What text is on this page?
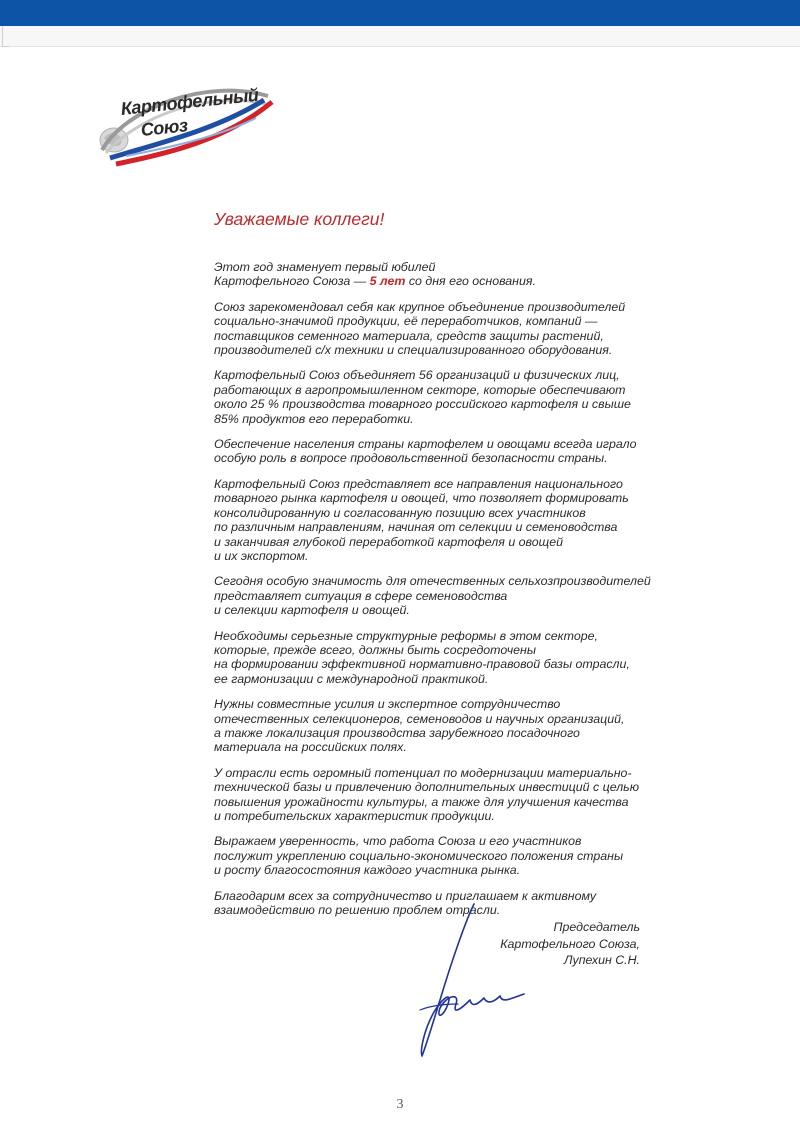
Картофельный
Союз
Уважаемые коллеги!
Этот год знаменует первый юбилей
Картофельного Союза — 5 лет со дня его основания.
Союз зарекомендовал себя как крупное объединение производителей
социально-значимой продукции, её переработчиков, компаний —
поставщиков семенного материала, средств защиты растений,
производителей с/х техники и специализированного оборудования.
Картофельный Союз объединяет 56 организаций и физических лиц,
работающих в агропромышленном секторе, которые обеспечивают
около 25 % производства товарного российского картофеля и свыше
85% продуктов его переработки.
Обеспечение населения страны картофелем и овощами всегда играло
особую роль в вопросе продовольственной безопасности страны.
Картофельный Союз представляет все направления национального
товарного рынка картофеля и овощей, что позволяет формировать
консолидированную и согласованную позицию всех участников
по различным направлениям, начиная от селекции и семеноводства
и заканчивая глубокой переработкой картофеля и овощей
и их экспортом.
Сегодня особую значимость для отечественных сельхозпроизводителей
представляет ситуация в сфере семеноводства
и селекции картофеля и овощей.
Необходимы серьезные структурные реформы в этом секторе,
которые, прежде всего, должны быть сосредоточены
на формировании эффективной нормативно-правовой базы отрасли,
ее гармонизации с международной практикой.
Нужны совместные усилия и экспертное сотрудничество
отечественных селекционеров, семеноводов и научных организаций,
а также локализация производства зарубежного посадочного
материала на российских полях.
У отрасли есть огромный потенциал по модернизации материально-
технической базы и привлечению дополнительных инвестиций с целью
повышения урожайности культуры, а также для улучшения качества
и потребительских характеристик продукции.
Выражаем уверенность, что работа Союза и его участников
послужит укреплению социально-экономического положения страны
и росту благосостояния каждого участника рынка.
Благодарим всех за сотрудничество и приглашаем к активному
взаимодействию по решению проблем отрасли.
Председатель
Картофельного Союза,
Лупехин С.Н.
3
